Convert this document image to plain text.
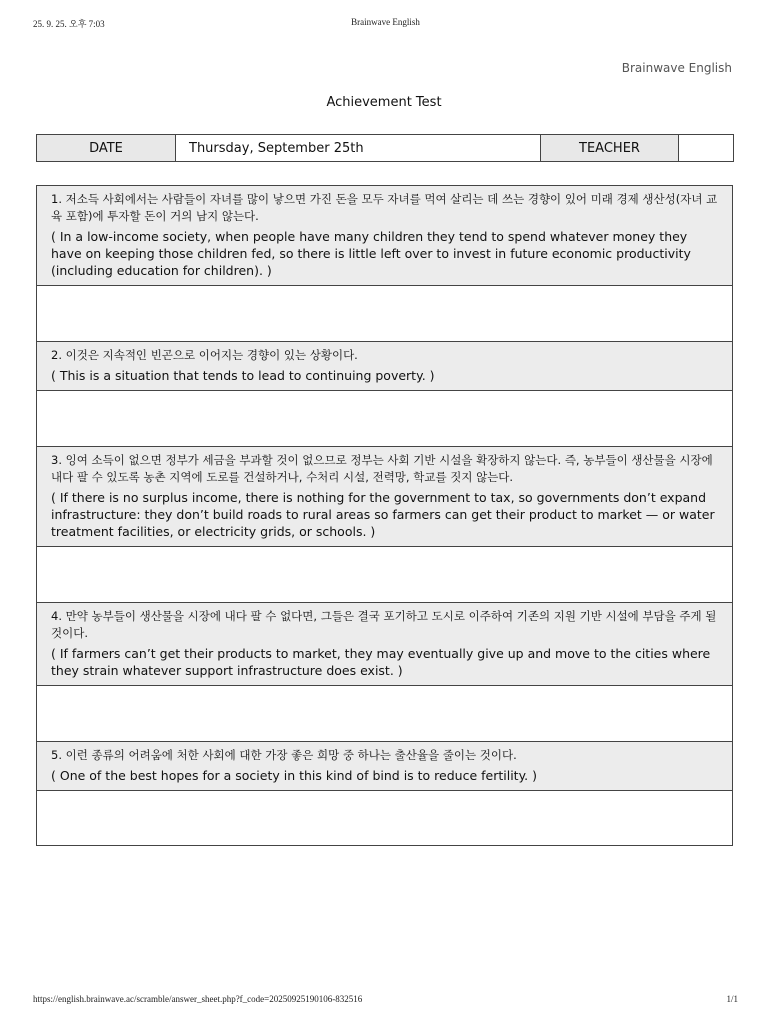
25. 9. 25. 오후 7:03	Brainwave English
Brainwave English
Achievement Test
DATE	Thursday, September 25th	TEACHER	
1. 저소득 사회에서는 사람들이 자녀를 많이 낳으면 가진 돈을 모두 자녀를 먹여 살리는 데 쓰는 경향이 있어 미래 경제 생산성(자녀 교육 포함)에 투자할 돈이 거의 남지 않는다.
( In a low-income society, when people have many children they tend to spend whatever money they have on keeping those children fed, so there is little left over to invest in future economic productivity (including education for children). )
2. 이것은 지속적인 빈곤으로 이어지는 경향이 있는 상황이다.
( This is a situation that tends to lead to continuing poverty. )
3. 잉여 소득이 없으면 정부가 세금을 부과할 것이 없으므로 정부는 사회 기반 시설을 확장하지 않는다. 즉, 농부들이 생산물을 시장에 내다 팔 수 있도록 농촌 지역에 도로를 건설하거나, 수처리 시설, 전력망, 학교를 짓지 않는다.
( If there is no surplus income, there is nothing for the government to tax, so governments don’t expand infrastructure: they don’t build roads to rural areas so farmers can get their product to market — or water treatment facilities, or electricity grids, or schools. )
4. 만약 농부들이 생산물을 시장에 내다 팔 수 없다면, 그들은 결국 포기하고 도시로 이주하여 기존의 지원 기반 시설에 부담을 주게 될 것이다.
( If farmers can’t get their products to market, they may eventually give up and move to the cities where they strain whatever support infrastructure does exist. )
5. 이런 종류의 어려움에 처한 사회에 대한 가장 좋은 희망 중 하나는 출산율을 줄이는 것이다.
( One of the best hopes for a society in this kind of bind is to reduce fertility. )
https://english.brainwave.ac/scramble/answer_sheet.php?f_code=20250925190106-832516	1/1
